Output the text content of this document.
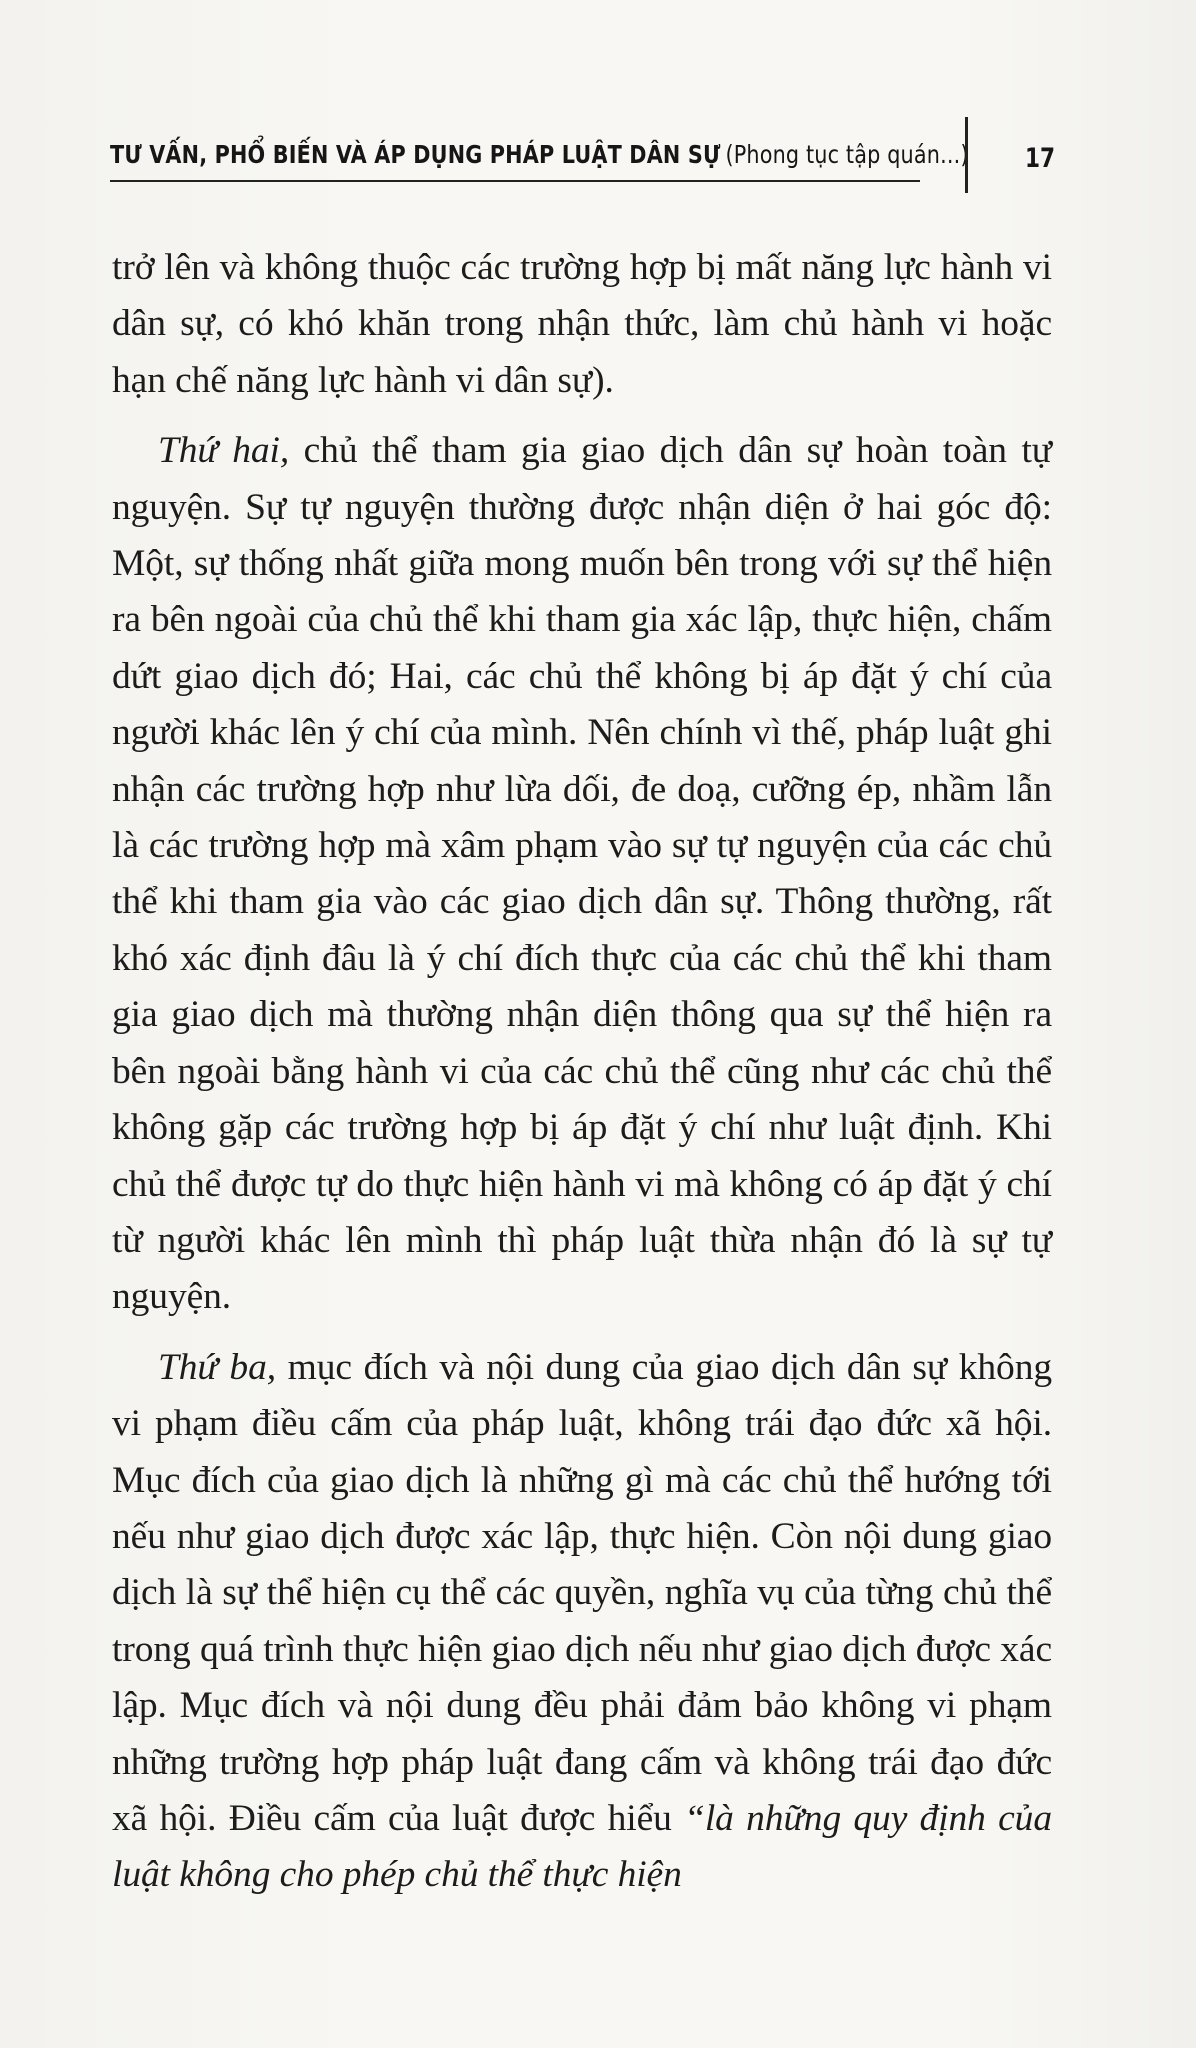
TƯ VẤN, PHỔ BIẾN VÀ ÁP DỤNG PHÁP LUẬT DÂN SỰ (Phong tục tập quán...) 17

trở lên và không thuộc các trường hợp bị mất năng lực hành vi dân sự, có khó khăn trong nhận thức, làm chủ hành vi hoặc hạn chế năng lực hành vi dân sự).

Thứ hai, chủ thể tham gia giao dịch dân sự hoàn toàn tự nguyện. Sự tự nguyện thường được nhận diện ở hai góc độ: Một, sự thống nhất giữa mong muốn bên trong với sự thể hiện ra bên ngoài của chủ thể khi tham gia xác lập, thực hiện, chấm dứt giao dịch đó; Hai, các chủ thể không bị áp đặt ý chí của người khác lên ý chí của mình. Nên chính vì thế, pháp luật ghi nhận các trường hợp như lừa dối, đe doạ, cưỡng ép, nhầm lẫn là các trường hợp mà xâm phạm vào sự tự nguyện của các chủ thể khi tham gia vào các giao dịch dân sự. Thông thường, rất khó xác định đâu là ý chí đích thực của các chủ thể khi tham gia giao dịch mà thường nhận diện thông qua sự thể hiện ra bên ngoài bằng hành vi của các chủ thể cũng như các chủ thể không gặp các trường hợp bị áp đặt ý chí như luật định. Khi chủ thể được tự do thực hiện hành vi mà không có áp đặt ý chí từ người khác lên mình thì pháp luật thừa nhận đó là sự tự nguyện.

Thứ ba, mục đích và nội dung của giao dịch dân sự không vi phạm điều cấm của pháp luật, không trái đạo đức xã hội. Mục đích của giao dịch là những gì mà các chủ thể hướng tới nếu như giao dịch được xác lập, thực hiện. Còn nội dung giao dịch là sự thể hiện cụ thể các quyền, nghĩa vụ của từng chủ thể trong quá trình thực hiện giao dịch nếu như giao dịch được xác lập. Mục đích và nội dung đều phải đảm bảo không vi phạm những trường hợp pháp luật đang cấm và không trái đạo đức xã hội. Điều cấm của luật được hiểu “là những quy định của luật không cho phép chủ thể thực hiện
